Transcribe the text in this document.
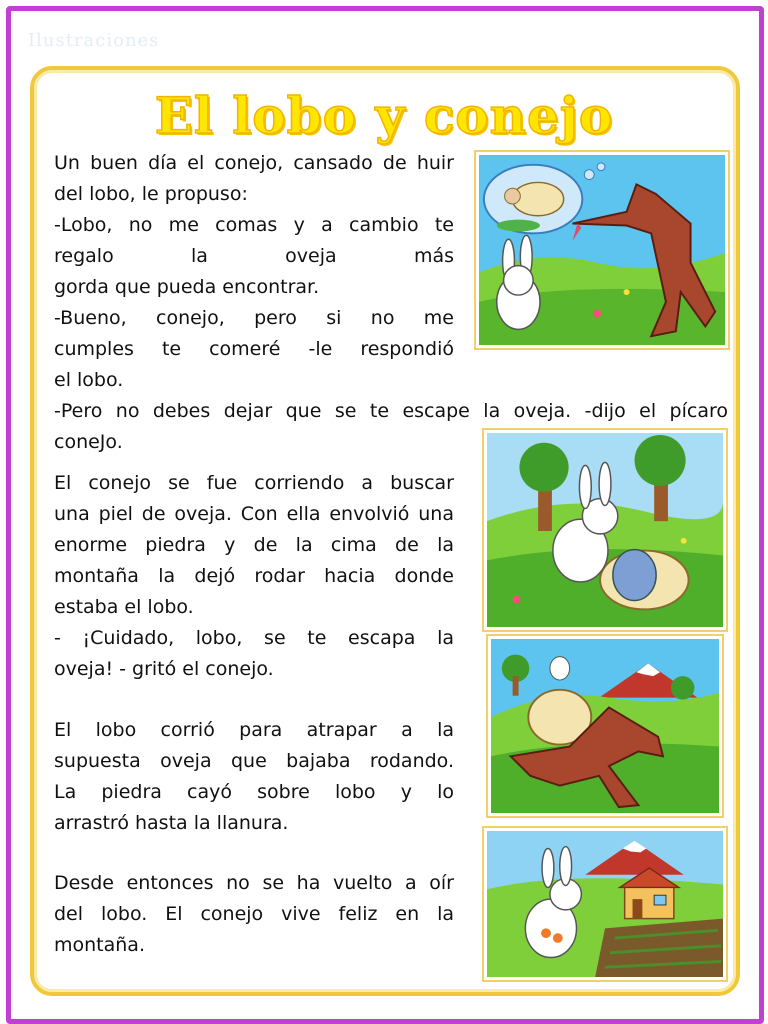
Ilustraciones
El lobo y conejo
Un buen día el conejo, cansado de huir
del lobo, le propuso:
-Lobo, no me comas y a cambio te
regalo la oveja más
gorda que pueda encontrar.
-Bueno, conejo, pero si no me
cumples te comeré -le respondió
el lobo.
-Pero no debes dejar que se te escape la oveja. -dijo el pícaro
coneJo.
El conejo se fue corriendo a buscar
una piel de oveja. Con ella envolvió una
enorme piedra y de la cima de la
montaña la dejó rodar hacia donde
estaba el lobo.
- ¡Cuidado, lobo, se te escapa la
oveja! - gritó el conejo.
El lobo corrió para atrapar a la
supuesta oveja que bajaba rodando.
La piedra cayó sobre lobo y lo
arrastró hasta la llanura.
Desde entonces no se ha vuelto a oír
del lobo. El conejo vive feliz en la
montaña.
